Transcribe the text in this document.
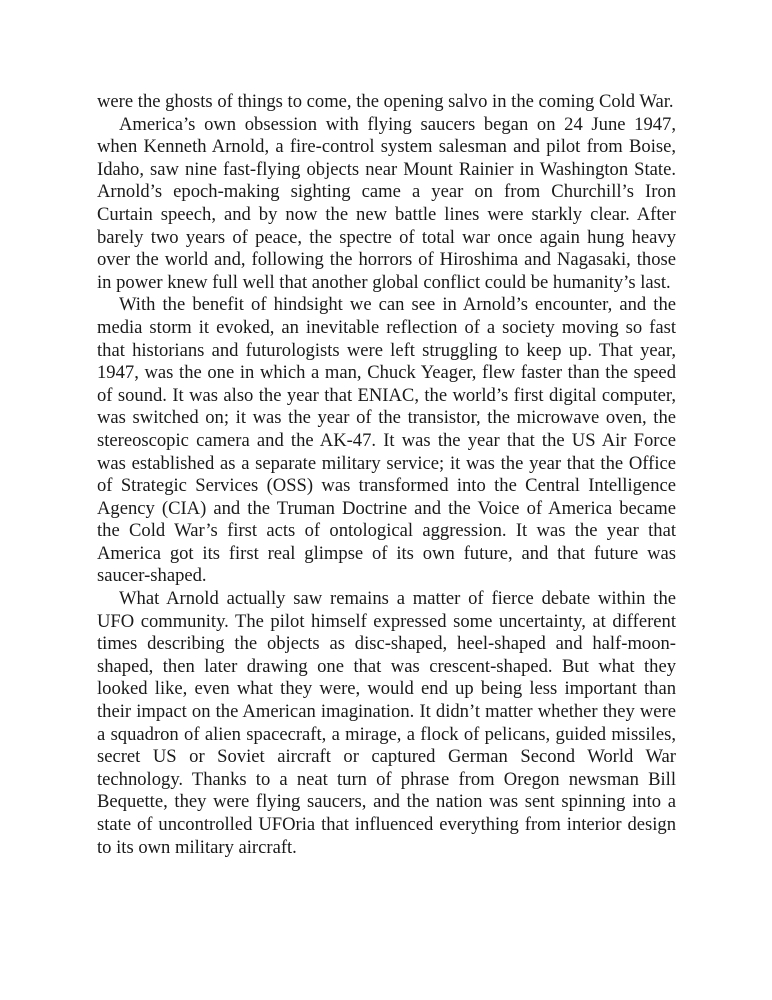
were the ghosts of things to come, the opening salvo in the coming Cold War.

America’s own obsession with flying saucers began on 24 June 1947, when Kenneth Arnold, a fire-control system salesman and pilot from Boise, Idaho, saw nine fast-flying objects near Mount Rainier in Washington State. Arnold’s epoch-making sighting came a year on from Churchill’s Iron Curtain speech, and by now the new battle lines were starkly clear. After barely two years of peace, the spectre of total war once again hung heavy over the world and, following the horrors of Hiroshima and Nagasaki, those in power knew full well that another global conflict could be humanity’s last.

With the benefit of hindsight we can see in Arnold’s encounter, and the media storm it evoked, an inevitable reflection of a society moving so fast that historians and futurologists were left struggling to keep up. That year, 1947, was the one in which a man, Chuck Yeager, flew faster than the speed of sound. It was also the year that ENIAC, the world’s first digital computer, was switched on; it was the year of the transistor, the microwave oven, the stereoscopic camera and the AK-47. It was the year that the US Air Force was established as a separate military service; it was the year that the Office of Strategic Services (OSS) was transformed into the Central Intelligence Agency (CIA) and the Truman Doctrine and the Voice of America became the Cold War’s first acts of ontological aggression. It was the year that America got its first real glimpse of its own future, and that future was saucer-shaped.

What Arnold actually saw remains a matter of fierce debate within the UFO community. The pilot himself expressed some uncertainty, at different times describing the objects as disc-shaped, heel-shaped and half-moon-shaped, then later drawing one that was crescent-shaped. But what they looked like, even what they were, would end up being less important than their impact on the American imagination. It didn’t matter whether they were a squadron of alien spacecraft, a mirage, a flock of pelicans, guided missiles, secret US or Soviet aircraft or captured German Second World War technology. Thanks to a neat turn of phrase from Oregon newsman Bill Bequette, they were flying saucers, and the nation was sent spinning into a state of uncontrolled UFOria that influenced everything from interior design to its own military aircraft.
